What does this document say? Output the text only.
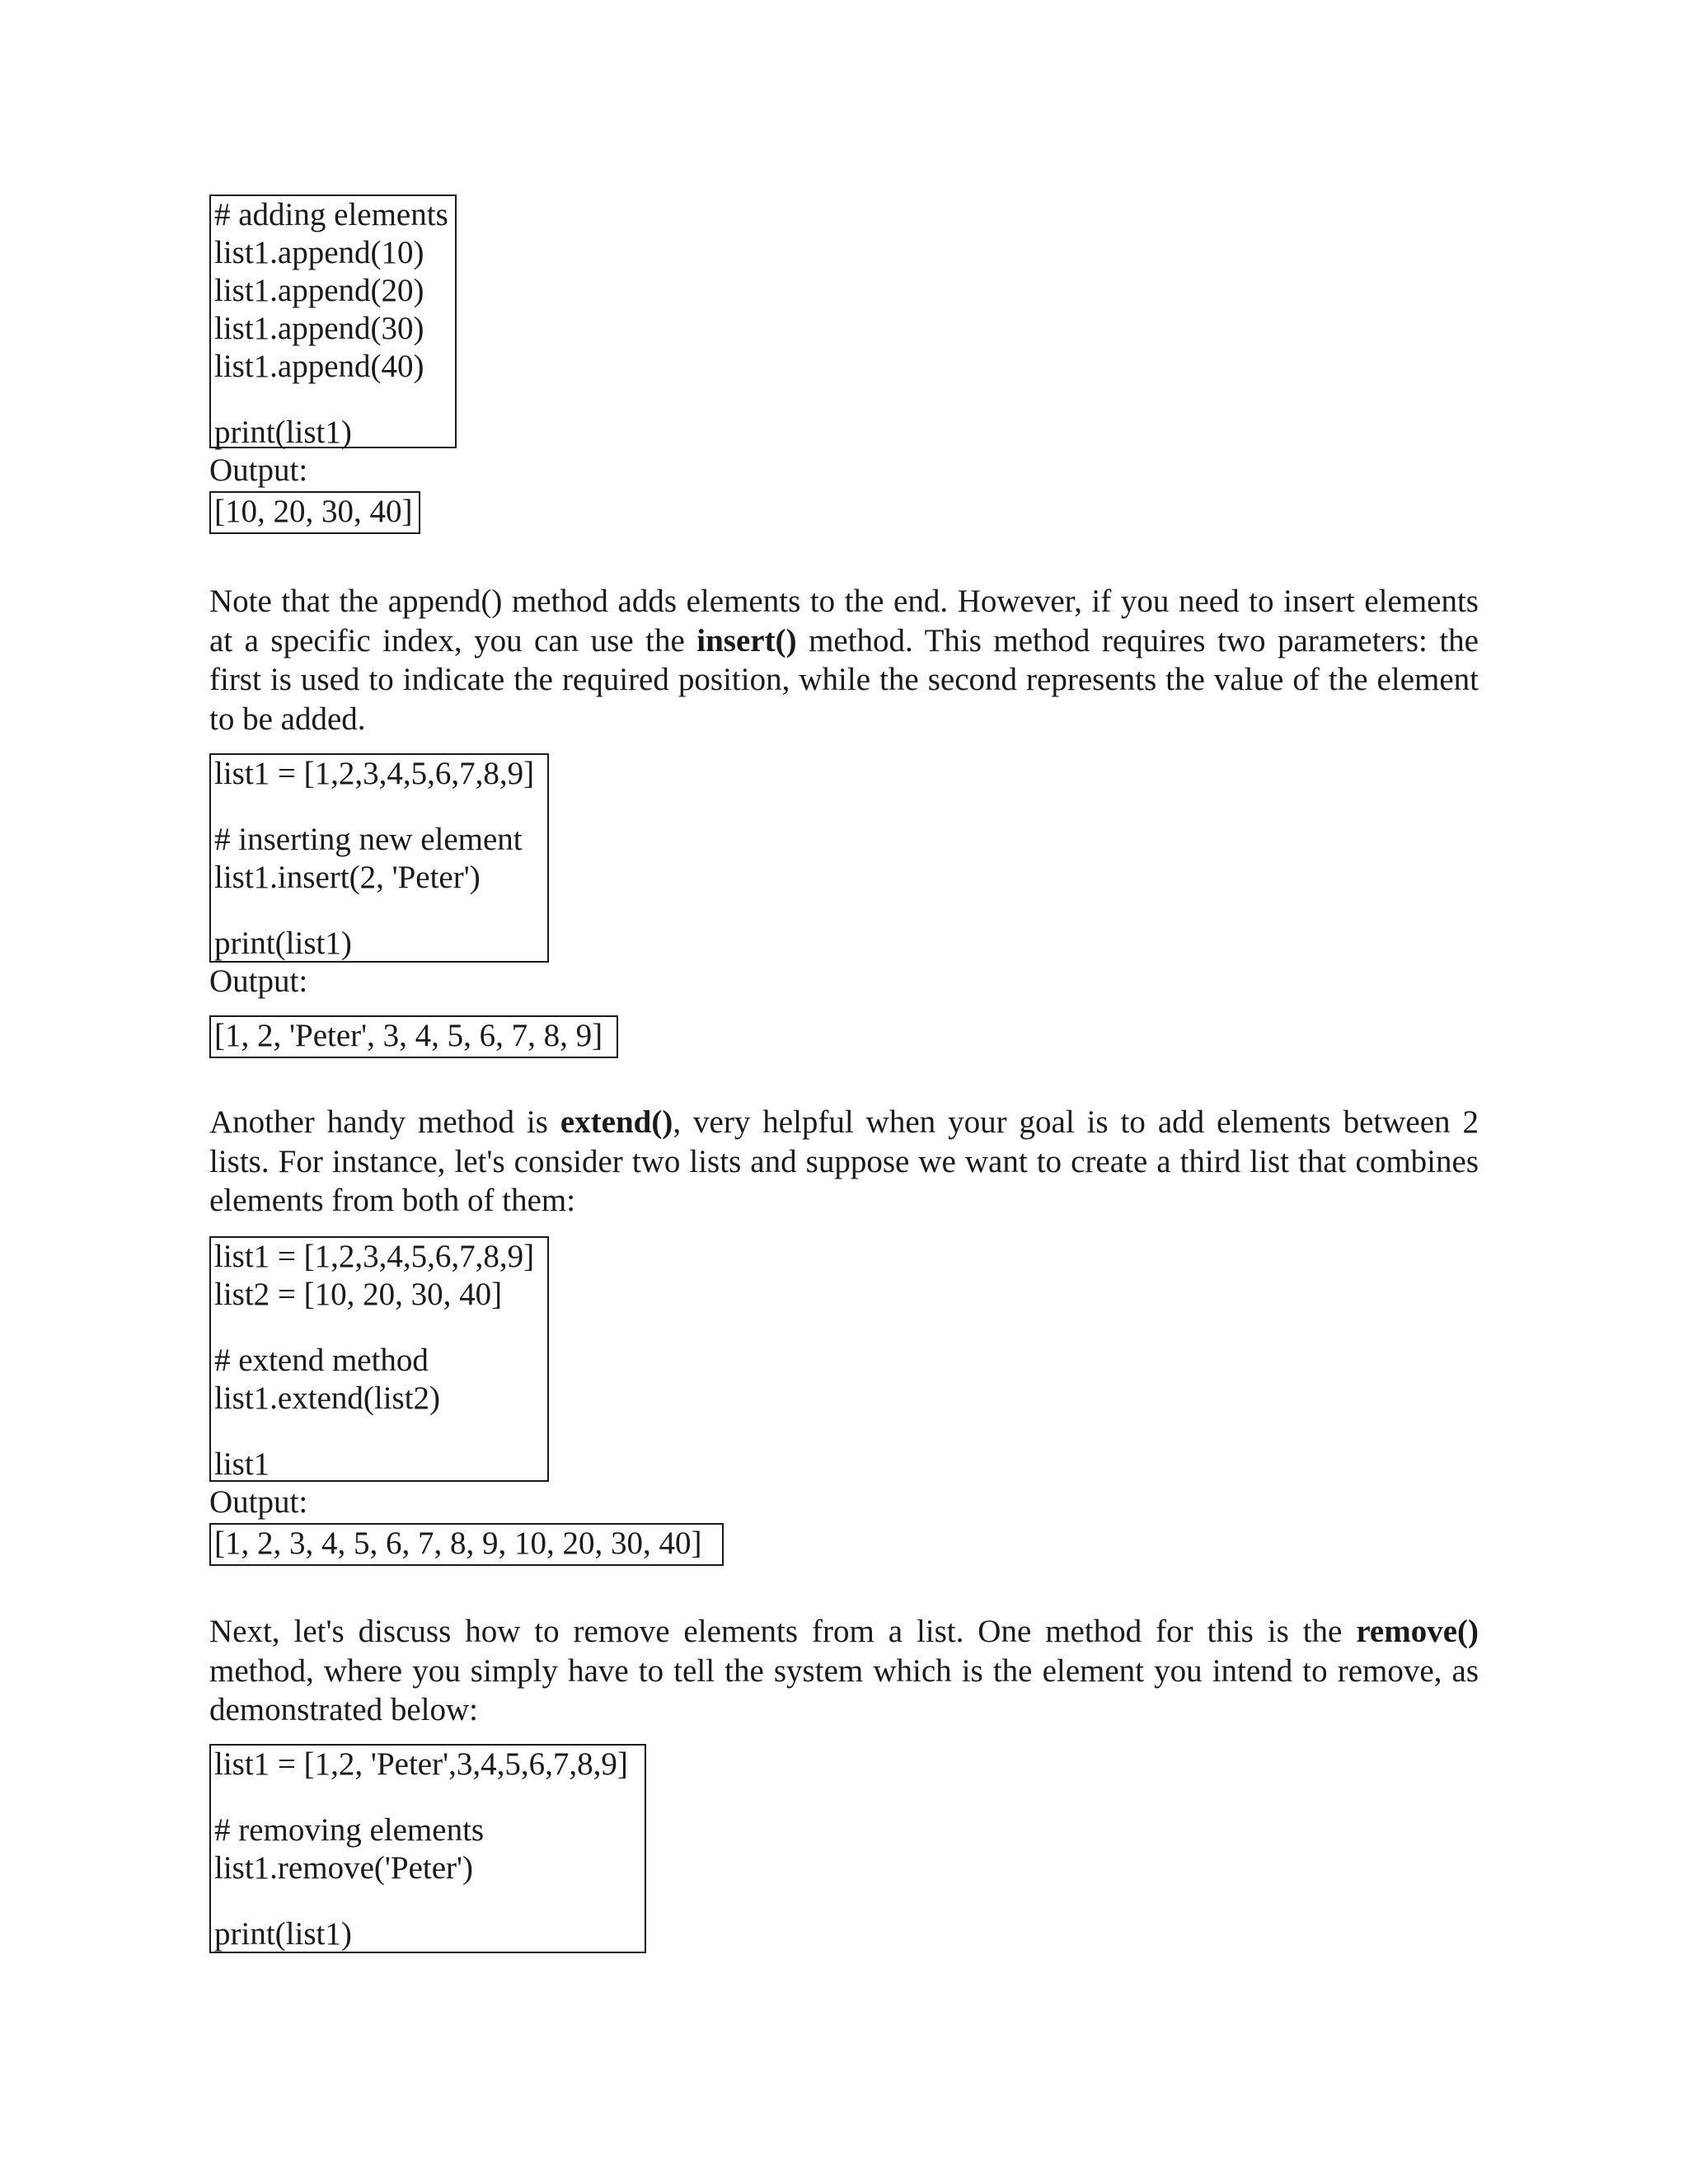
# adding elements
list1.append(10)
list1.append(20)
list1.append(30)
list1.append(40)
print(list1)
Output:
[10, 20, 30, 40]
Note that the append() method adds elements to the end. However, if you need to insert elements at a specific index, you can use the insert() method. This method requires two parameters: the first is used to indicate the required position, while the second represents the value of the element to be added.
list1 = [1,2,3,4,5,6,7,8,9]
# inserting new element
list1.insert(2, 'Peter')
print(list1)
Output:
[1, 2, 'Peter', 3, 4, 5, 6, 7, 8, 9]
Another handy method is extend(), very helpful when your goal is to add elements between 2 lists. For instance, let's consider two lists and suppose we want to create a third list that combines elements from both of them:
list1 = [1,2,3,4,5,6,7,8,9]
list2 = [10, 20, 30, 40]
# extend method
list1.extend(list2)
list1
Output:
[1, 2, 3, 4, 5, 6, 7, 8, 9, 10, 20, 30, 40]
Next, let's discuss how to remove elements from a list. One method for this is the remove() method, where you simply have to tell the system which is the element you intend to remove, as demonstrated below:
list1 = [1,2, 'Peter',3,4,5,6,7,8,9]
# removing elements
list1.remove('Peter')
print(list1)
